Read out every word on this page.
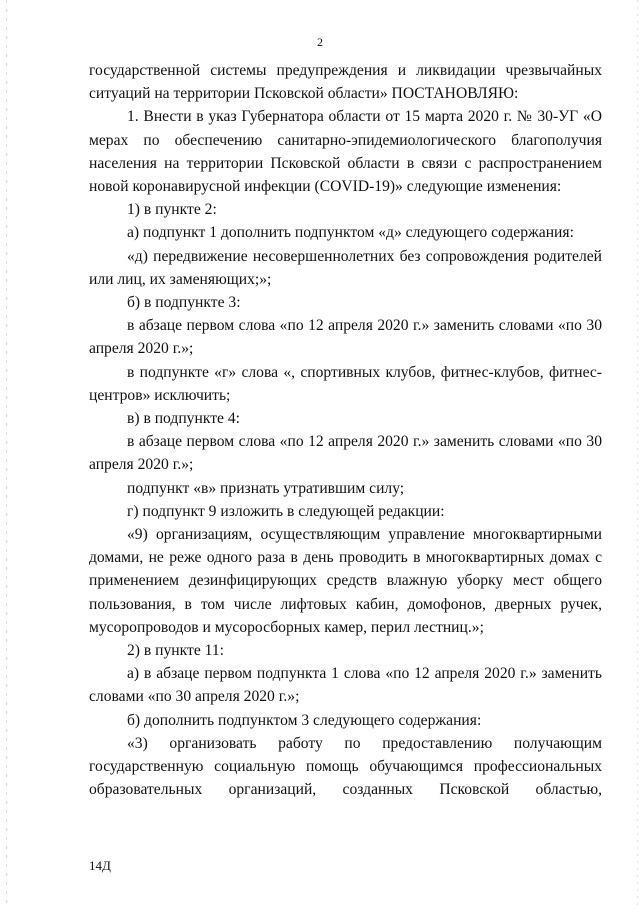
2

государственной системы предупреждения и ликвидации чрезвычайных ситуаций на территории Псковской области» ПОСТАНОВЛЯЮ:

1. Внести в указ Губернатора области от 15 марта 2020 г. № 30-УГ «О мерах по обеспечению санитарно-эпидемиологического благополучия населения на территории Псковской области в связи с распространением новой коронавирусной инфекции (COVID-19)» следующие изменения:

1) в пункте 2:

а) подпункт 1 дополнить подпунктом «д» следующего содержания:

«д) передвижение несовершеннолетних без сопровождения родителей или лиц, их заменяющих;»;

б) в подпункте 3:

в абзаце первом слова «по 12 апреля 2020 г.» заменить словами «по 30 апреля 2020 г.»;

в подпункте «г» слова «, спортивных клубов, фитнес-клубов, фитнес-центров» исключить;

в) в подпункте 4:

в абзаце первом слова «по 12 апреля 2020 г.» заменить словами «по 30 апреля 2020 г.»;

подпункт «в» признать утратившим силу;

г) подпункт 9 изложить в следующей редакции:

«9) организациям, осуществляющим управление многоквартирными домами, не реже одного раза в день проводить в многоквартирных домах с применением дезинфицирующих средств влажную уборку мест общего пользования, в том числе лифтовых кабин, домофонов, дверных ручек, мусоропроводов и мусоросборных камер, перил лестниц.»;

2) в пункте 11:

а) в абзаце первом подпункта 1 слова «по 12 апреля 2020 г.» заменить словами «по 30 апреля 2020 г.»;

б) дополнить подпунктом 3 следующего содержания:

«3) организовать работу по предоставлению получающим государственную социальную помощь обучающимся профессиональных образовательных организаций, созданных Псковской областью,

14Д
